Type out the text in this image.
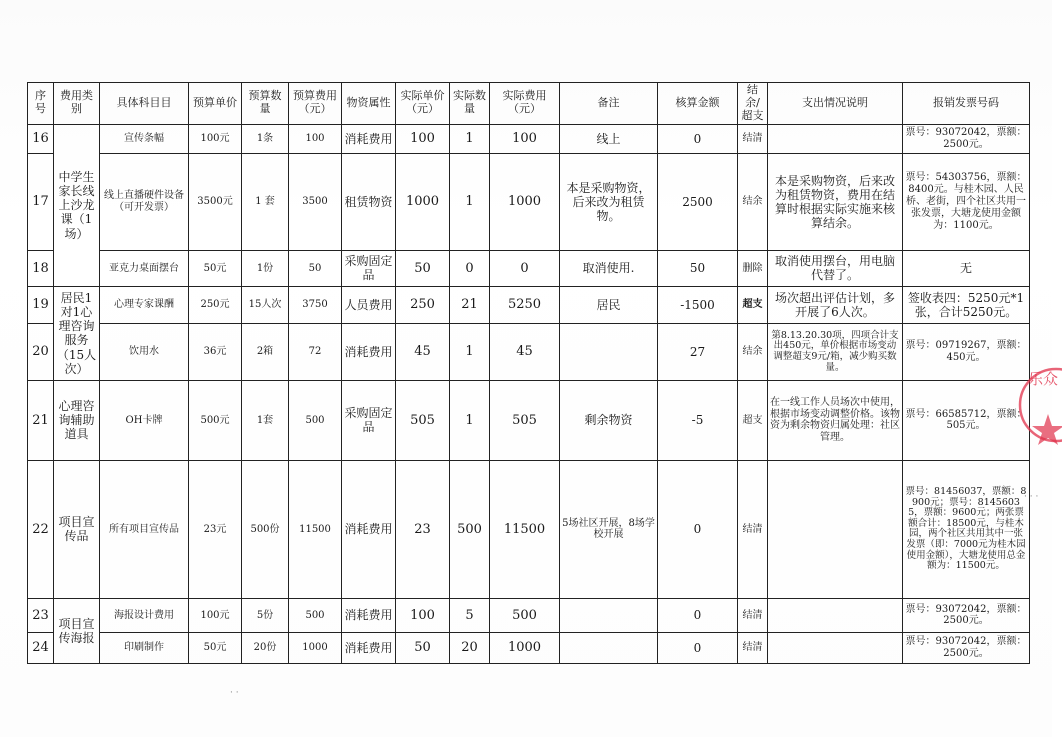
序号	费用类别	具体科目目	预算单价	预算数量	预算费用（元）	物资属性	实际单价（元）	实际数量	实际费用（元）	备注	核算金额	结余/超支	支出情况说明	报销发票号码
16	中学生家长线上沙龙课（1场）	宣传条幅	100元	1条	100	消耗费用	100	1	100	线上	0	结清		票号：93072042，票额：2500元。
17		线上直播硬件设备（可开发票）	3500元	1 套	3500	租赁物资	1000	1	1000	本是采购物资，后来改为租赁物。	2500	结余	本是采购物资，后来改为租赁物资，费用在结算时根据实际实施来核算结余。	票号：54303756，票额：8400元。与桂木园、人民桥、老街，四个社区共用一张发票，大塘龙使用金额为：1100元。
18		亚克力桌面摆台	50元	1份	50	采购固定品	50	0	0	取消使用.	50	删除	取消使用摆台，用电脑代替了。	无
19	居民1对1心理咨询服务（15人次）	心理专家课酬	250元	15人次	3750	人员费用	250	21	5250	居民	-1500	超支	场次超出评估计划，多开展了6人次。	签收表四：5250元*1张，合计5250元。
20		饮用水	36元	2箱	72	消耗费用	45	1	45		27	结余	第8.13.20.30项，四项合计支出450元，单价根据市场变动调整超支9元/箱，减少购买数量。	票号：09719267，票额：450元。
21	心理咨询辅助道具	OH卡牌	500元	1套	500	采购固定品	505	1	505	剩余物资	-5	超支	在一线工作人员场次中使用，根据市场变动调整价格。该物资为剩余物资归属处理：社区管理。	票号：66585712，票额：505元。
22	项目宣传品	所有项目宣传品	23元	500份	11500	消耗费用	23	500	11500	5场社区开展，8场学校开展	0	结清		票号：81456037，票额：8900元；票号：81456035，票额：9600元；两张票额合计：18500元，与桂木园，两个社区共用其中一张发票（即：7000元为桂木园使用金额），大塘龙使用总金额为：11500元。
23	项目宣传海报	海报设计费用	100元	5份	500	消耗费用	100	5	500		0	结清		票号：93072042，票额：2500元。
24		印刷制作	50元	20份	1000	消耗费用	50	20	1000		0	结清		票号：93072042，票额：2500元。
乐众
· · ·
· ·
